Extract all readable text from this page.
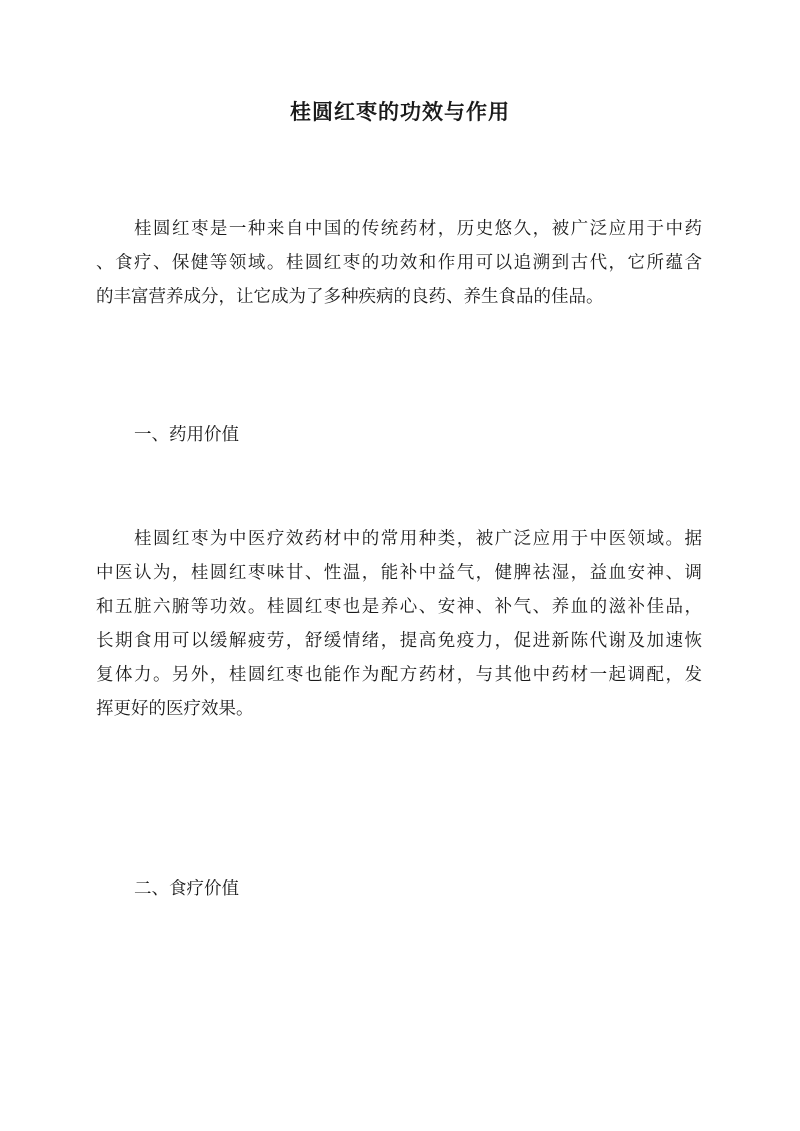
桂圆红枣的功效与作用
桂圆红枣是一种来自中国的传统药材，历史悠久，被广泛应用于中药
、食疗、保健等领域。桂圆红枣的功效和作用可以追溯到古代，它所蕴含
的丰富营养成分，让它成为了多种疾病的良药、养生食品的佳品。
一、药用价值
桂圆红枣为中医疗效药材中的常用种类，被广泛应用于中医领域。据
中医认为，桂圆红枣味甘、性温，能补中益气，健脾祛湿，益血安神、调
和五脏六腑等功效。桂圆红枣也是养心、安神、补气、养血的滋补佳品，
长期食用可以缓解疲劳，舒缓情绪，提高免疫力，促进新陈代谢及加速恢
复体力。另外，桂圆红枣也能作为配方药材，与其他中药材一起调配，发
挥更好的医疗效果。
二、食疗价值
